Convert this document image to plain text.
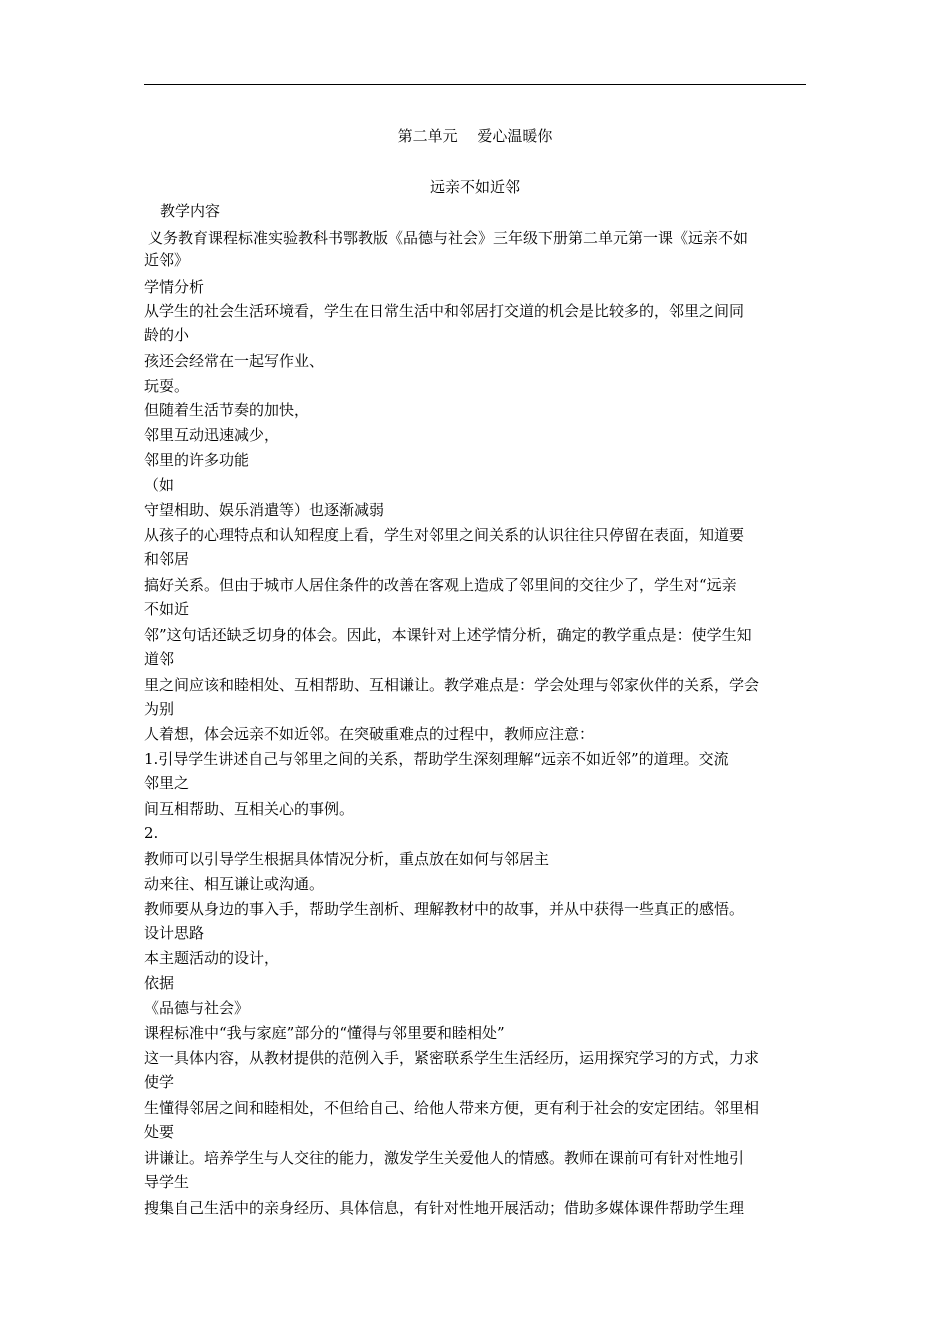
第二单元　 爱心温暖你
远亲不如近邻
教学内容
义务教育课程标准实验教科书鄂教版《品德与社会》三年级下册第二单元第一课《远亲不如
近邻》
学情分析
从学生的社会生活环境看，学生在日常生活中和邻居打交道的机会是比较多的，邻里之间同
龄的小
孩还会经常在一起写作业、
玩耍。
但随着生活节奏的加快，
邻里互动迅速减少，
邻里的许多功能
（如
守望相助、娱乐消遣等）也逐渐减弱
从孩子的心理特点和认知程度上看，学生对邻里之间关系的认识往往只停留在表面，知道要
和邻居
搞好关系。但由于城市人居住条件的改善在客观上造成了邻里间的交往少了，学生对“远亲
不如近
邻”这句话还缺乏切身的体会。因此，本课针对上述学情分析，确定的教学重点是：使学生知
道邻
里之间应该和睦相处、互相帮助、互相谦让。教学难点是：学会处理与邻家伙伴的关系，学会
为别
人着想，体会远亲不如近邻。在突破重难点的过程中，教师应注意：
1.引导学生讲述自己与邻里之间的关系，帮助学生深刻理解“远亲不如近邻”的道理。交流
邻里之
间互相帮助、互相关心的事例。
2.
教师可以引导学生根据具体情况分析，重点放在如何与邻居主
动来往、相互谦让或沟通。
教师要从身边的事入手，帮助学生剖析、理解教材中的故事，并从中获得一些真正的感悟。
设计思路
本主题活动的设计，
依据
《品德与社会》
课程标准中“我与家庭”部分的“懂得与邻里要和睦相处”
这一具体内容，从教材提供的范例入手，紧密联系学生生活经历，运用探究学习的方式，力求
使学
生懂得邻居之间和睦相处，不但给自己、给他人带来方便，更有利于社会的安定团结。邻里相
处要
讲谦让。培养学生与人交往的能力，激发学生关爱他人的情感。教师在课前可有针对性地引
导学生
搜集自己生活中的亲身经历、具体信息，有针对性地开展活动；借助多媒体课件帮助学生理
